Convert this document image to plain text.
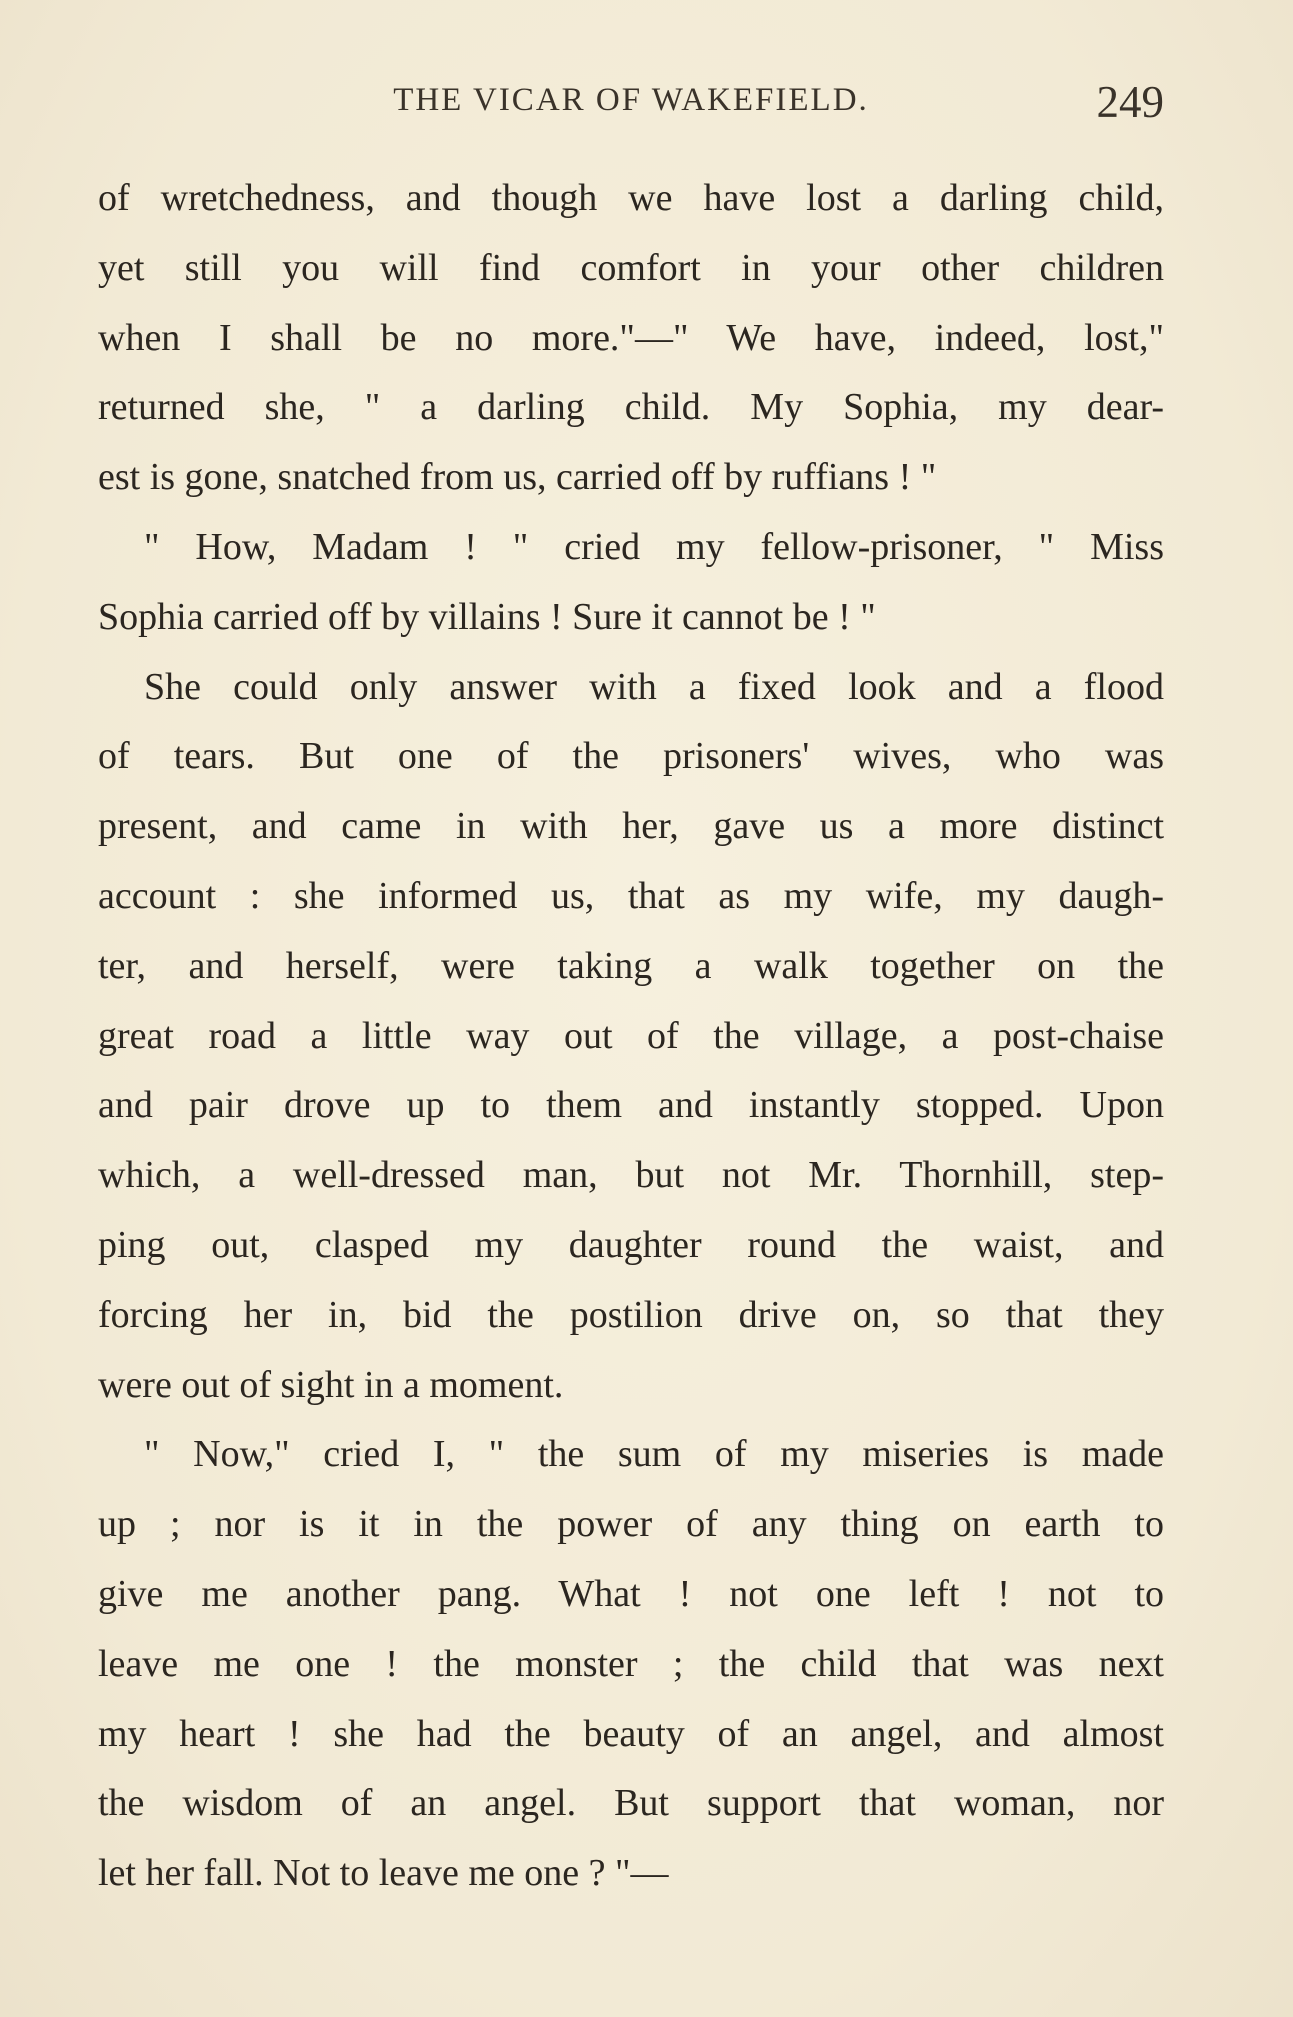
THE VICAR OF WAKEFIELD.	249
of wretchedness, and though we have lost a darling child,
yet still you will find comfort in your other children
when I shall be no more."—" We have, indeed, lost,"
returned she, " a darling child. My Sophia, my dear-
est is gone, snatched from us, carried off by ruffians ! "
" How, Madam ! " cried my fellow-prisoner, " Miss
Sophia carried off by villains ! Sure it cannot be ! "
She could only answer with a fixed look and a flood
of tears. But one of the prisoners' wives, who was
present, and came in with her, gave us a more distinct
account : she informed us, that as my wife, my daugh-
ter, and herself, were taking a walk together on the
great road a little way out of the village, a post-chaise
and pair drove up to them and instantly stopped. Upon
which, a well-dressed man, but not Mr. Thornhill, step-
ping out, clasped my daughter round the waist, and
forcing her in, bid the postilion drive on, so that they
were out of sight in a moment.
" Now," cried I, " the sum of my miseries is made
up ; nor is it in the power of any thing on earth to
give me another pang. What ! not one left ! not to
leave me one ! the monster ; the child that was next
my heart ! she had the beauty of an angel, and almost
the wisdom of an angel. But support that woman, nor
let her fall. Not to leave me one ? "—
